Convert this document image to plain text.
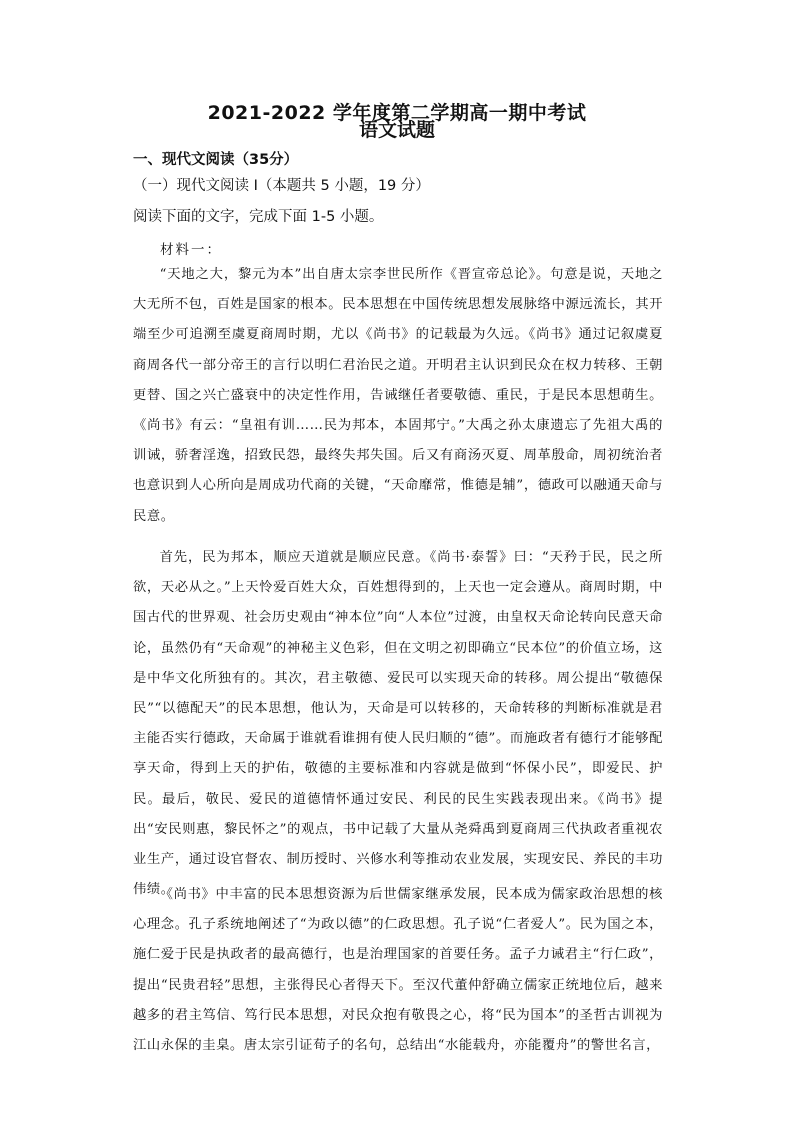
2021-2022 学年度第二学期高一期中考试
语文试题
一、现代文阅读（35分）
（一）现代文阅读 I（本题共 5 小题，19 分）
阅读下面的文字，完成下面 1-5 小题。
材料一：

“天地之大，黎元为本”出自唐太宗李世民所作《晋宣帝总论》。句意是说，天地之大无所不包，百姓是国家的根本。民本思想在中国传统思想发展脉络中源远流长，其开端至少可追溯至虞夏商周时期，尤以《尚书》的记载最为久远。《尚书》通过记叙虞夏商周各代一部分帝王的言行以明仁君治民之道。开明君主认识到民众在权力转移、王朝更替、国之兴亡盛衰中的决定性作用，告诫继任者要敬德、重民，于是民本思想萌生。《尚书》有云：“皇祖有训……民为邦本，本固邦宁。”大禹之孙太康遗忘了先祖大禹的训诫，骄奢淫逸，招致民怨，最终失邦失国。后又有商汤灭夏、周革殷命，周初统治者也意识到人心所向是周成功代商的关键，“天命靡常，惟德是辅”，德政可以融通天命与民意。

首先，民为邦本，顺应天道就是顺应民意。《尚书·泰誓》曰：“天矜于民，民之所欲，天必从之。”上天怜爱百姓大众，百姓想得到的，上天也一定会遵从。商周时期，中国古代的世界观、社会历史观由“神本位”向“人本位”过渡，由皇权天命论转向民意天命论，虽然仍有“天命观”的神秘主义色彩，但在文明之初即确立“民本位”的价值立场，这是中华文化所独有的。其次，君主敬德、爱民可以实现天命的转移。周公提出“敬德保民”“以德配天”的民本思想，他认为，天命是可以转移的，天命转移的判断标准就是君主能否实行德政，天命属于谁就看谁拥有使人民归顺的“德”。而施政者有德行才能够配享天命，得到上天的护佑，敬德的主要标准和内容就是做到“怀保小民”，即爱民、护民。最后，敬民、爱民的道德情怀通过安民、利民的民生实践表现出来。《尚书》提出“安民则惠，黎民怀之”的观点，书中记载了大量从尧舜禹到夏商周三代执政者重视农业生产，通过设官督农、制历授时、兴修水利等推动农业发展，实现安民、养民的丰功伟绩。

《尚书》中丰富的民本思想资源为后世儒家继承发展，民本成为儒家政治思想的核心理念。孔子系统地阐述了“为政以德”的仁政思想。孔子说“仁者爱人”。民为国之本，施仁爱于民是执政者的最高德行，也是治理国家的首要任务。孟子力诫君主“行仁政”，提出“民贵君轻”思想，主张得民心者得天下。至汉代董仲舒确立儒家正统地位后，越来越多的君主笃信、笃行民本思想，对民众抱有敬畏之心，将“民为国本”的圣哲古训视为江山永保的圭臬。唐太宗引证荀子的名句，总结出“水能载舟，亦能覆舟”的警世名言，
